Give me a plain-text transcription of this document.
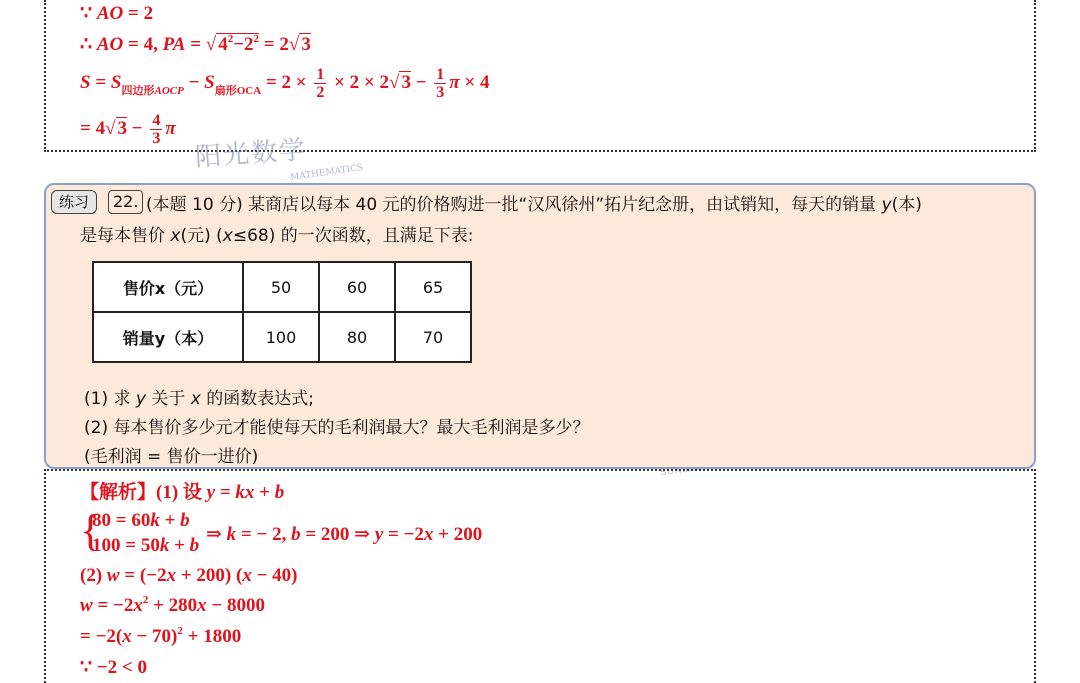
∵ AO = 2
∴ AO = 4, PA = √ $4^2-2^2 = 2√$ 3
$S = S_{四边形AOCP} - S_{扇形OCA} = 2 \times \frac{1}{2} \times 2 \times 2√$ $3 - \frac{1}{3}$ π × 4
= 4√ $3 - \frac{4}{3}$ π
阳光数学
MATHEMATICS
练习	22. (本题 10 分) 某商店以每本 40 元的价格购进一批“汉风徐州”拓片纪念册，由试销知，每天的销量 y(本)
是每本售价 x(元) (x≤68) 的一次函数，且满足下表:
售价x（元）	50	60	65
销量y（本）	100	80	70
(1) 求 y 关于 x 的函数表达式;
(2) 每本售价多少元才能使每天的毛利润最大？最大毛利润是多少？
(毛利润 = 售价一进价)
【解析】(1) 设 y = kx + b
{
80 = 60k + b
100 = 50k + b
⇒ k = − 2, b = 200 ⇒ y = −2x + 200
(2) w = (−2x + 200) (x − 40)
$w = -2x^2 + 280x - 8000$
= $-2(x - 70)^2 + 1800$
∵ −2 < 0
